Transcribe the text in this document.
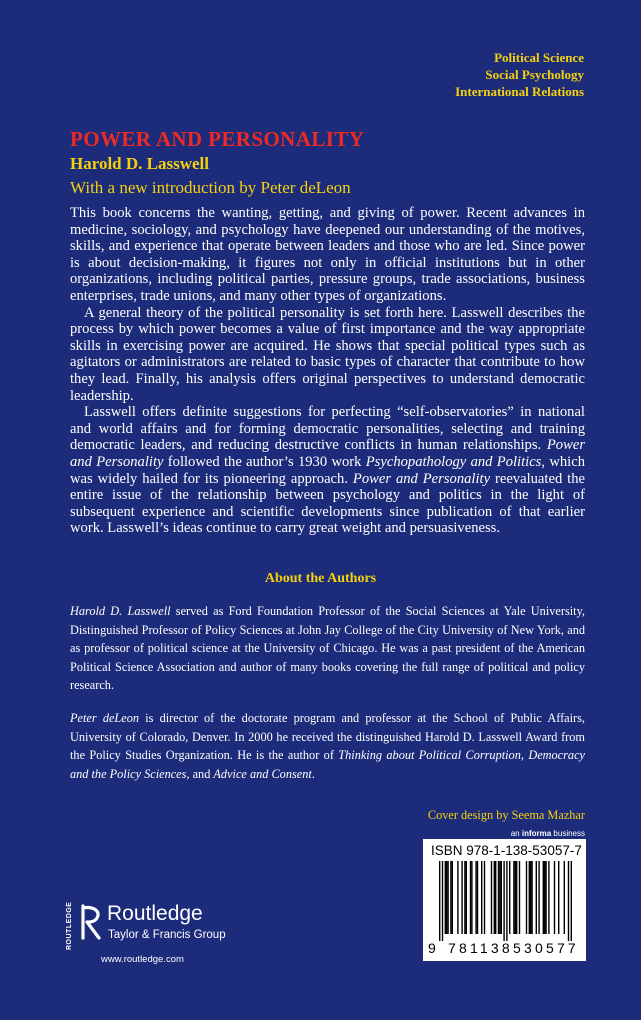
Political Science
Social Psychology
International Relations
POWER AND PERSONALITY
Harold D. Lasswell
With a new introduction by Peter deLeon

This book concerns the wanting, getting, and giving of power. Recent advances in medicine, sociology, and psychology have deepened our understanding of the motives, skills, and experience that operate between leaders and those who are led. Since power is about decision-making, it figures not only in official institutions but in other organizations, including political parties, pressure groups, trade associations, business enterprises, trade unions, and many other types of organizations.

A general theory of the political personality is set forth here. Lasswell describes the process by which power becomes a value of first importance and the way appropriate skills in exercising power are acquired. He shows that special political types such as agitators or administrators are related to basic types of character that contribute to how they lead. Finally, his analysis offers original perspectives to understand democratic leadership.

Lasswell offers definite suggestions for perfecting “self-observatories” in national and world affairs and for forming democratic personalities, selecting and training democratic leaders, and reducing destructive conflicts in human relationships. Power and Personality followed the author’s 1930 work Psychopathology and Politics, which was widely hailed for its pioneering approach. Power and Personality reevaluated the entire issue of the relationship between psychology and politics in the light of subsequent experience and scientific developments since publication of that earlier work. Lasswell’s ideas continue to carry great weight and persuasiveness.

About the Authors
Harold D. Lasswell served as Ford Foundation Professor of the Social Sciences at Yale University, Distinguished Professor of Policy Sciences at John Jay College of the City University of New York, and as professor of political science at the University of Chicago. He was a past president of the American Political Science Association and author of many books covering the full range of political and policy research.
Peter deLeon is director of the doctorate program and professor at the School of Public Affairs, University of Colorado, Denver. In 2000 he received the distinguished Harold D. Lasswell Award from the Policy Studies Organization. He is the author of Thinking about Political Corruption, Democracy and the Policy Sciences, and Advice and Consent.
Cover design by Seema Mazhar
an informa business
ISBN 978-1-138-53057-7
9 781138 530577
ROUTLEDGE Routledge
Taylor & Francis Group
www.routledge.com
